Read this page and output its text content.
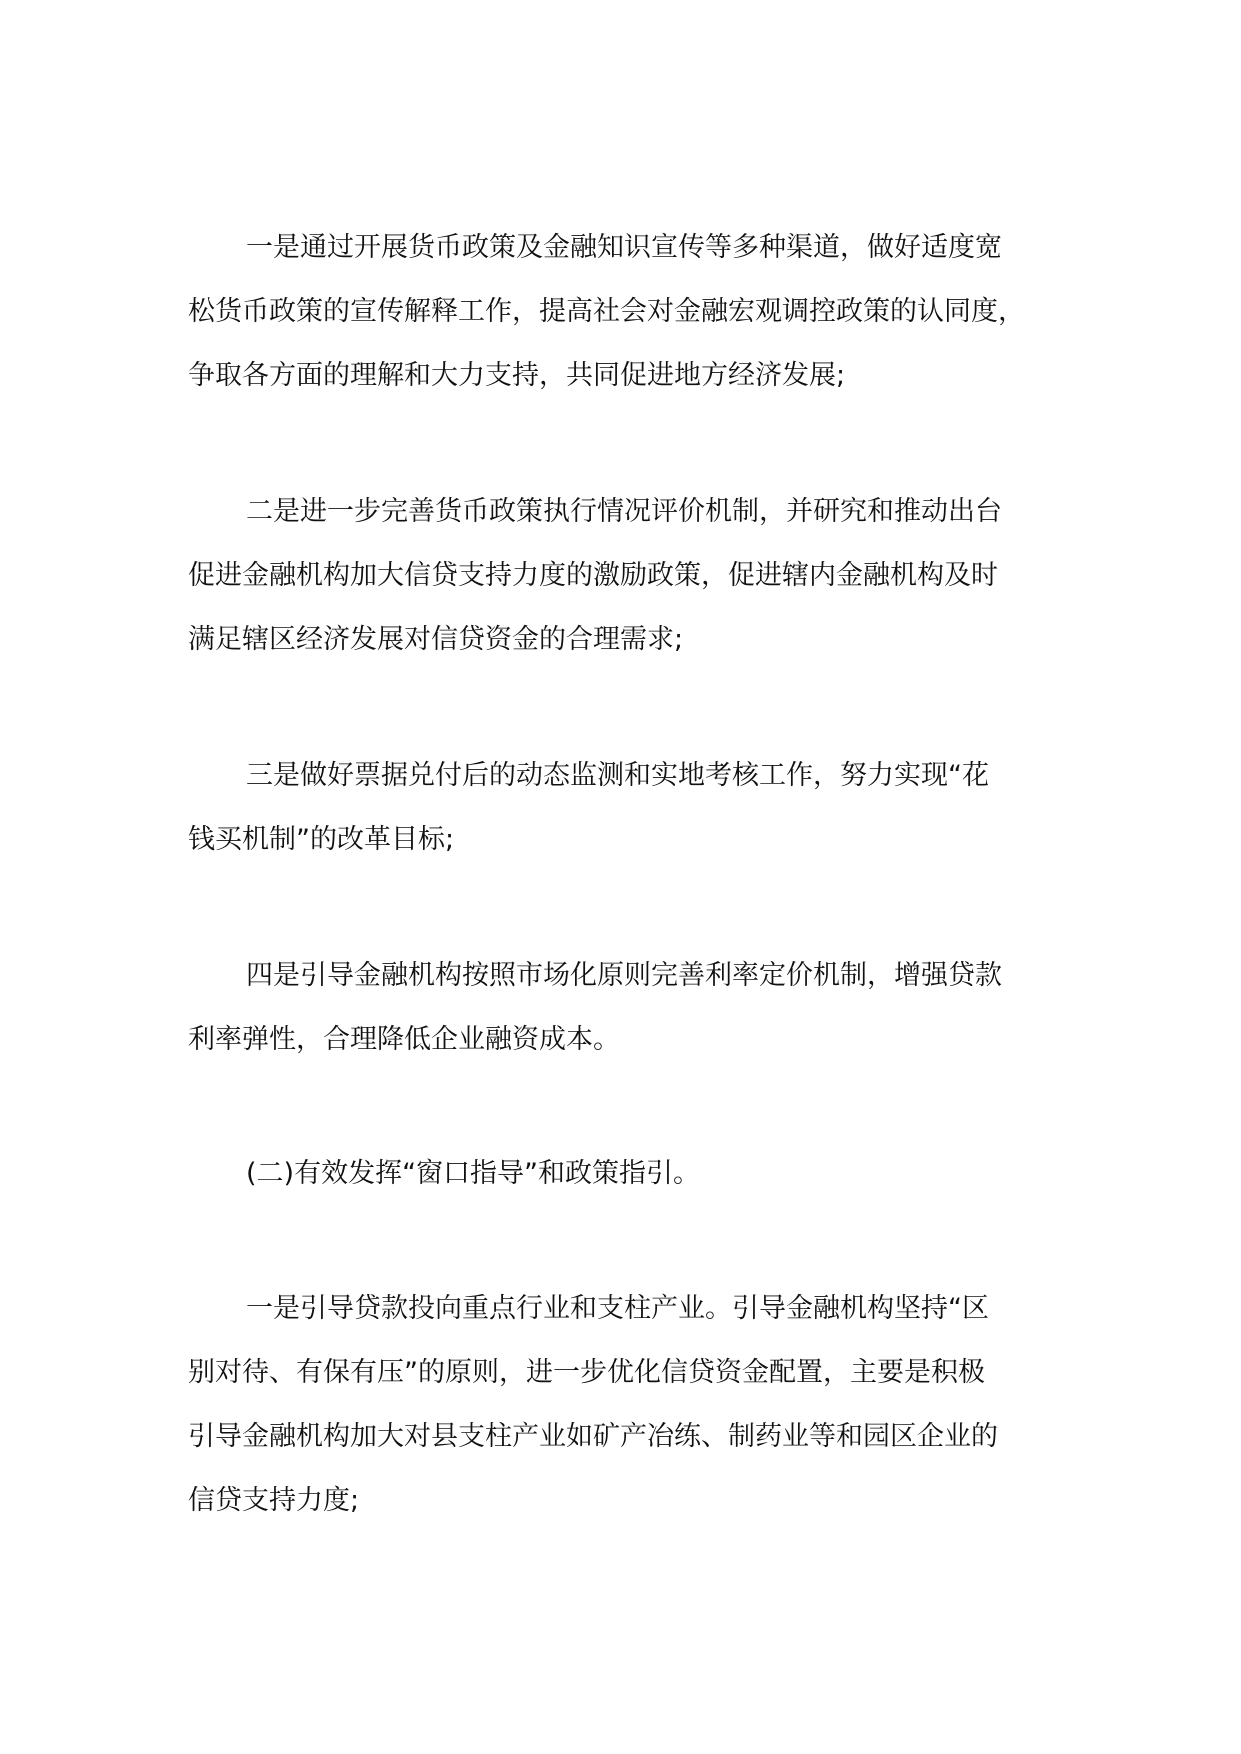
一是通过开展货币政策及金融知识宣传等多种渠道，做好适度宽
松货币政策的宣传解释工作，提高社会对金融宏观调控政策的认同度，
争取各方面的理解和大力支持，共同促进地方经济发展;
二是进一步完善货币政策执行情况评价机制，并研究和推动出台
促进金融机构加大信贷支持力度的激励政策，促进辖内金融机构及时
满足辖区经济发展对信贷资金的合理需求;
三是做好票据兑付后的动态监测和实地考核工作，努力实现“花
钱买机制”的改革目标;
四是引导金融机构按照市场化原则完善利率定价机制，增强贷款
利率弹性，合理降低企业融资成本。
(二)有效发挥“窗口指导”和政策指引。
一是引导贷款投向重点行业和支柱产业。引导金融机构坚持“区
别对待、有保有压”的原则，进一步优化信贷资金配置，主要是积极
引导金融机构加大对县支柱产业如矿产冶练、制药业等和园区企业的
信贷支持力度;
